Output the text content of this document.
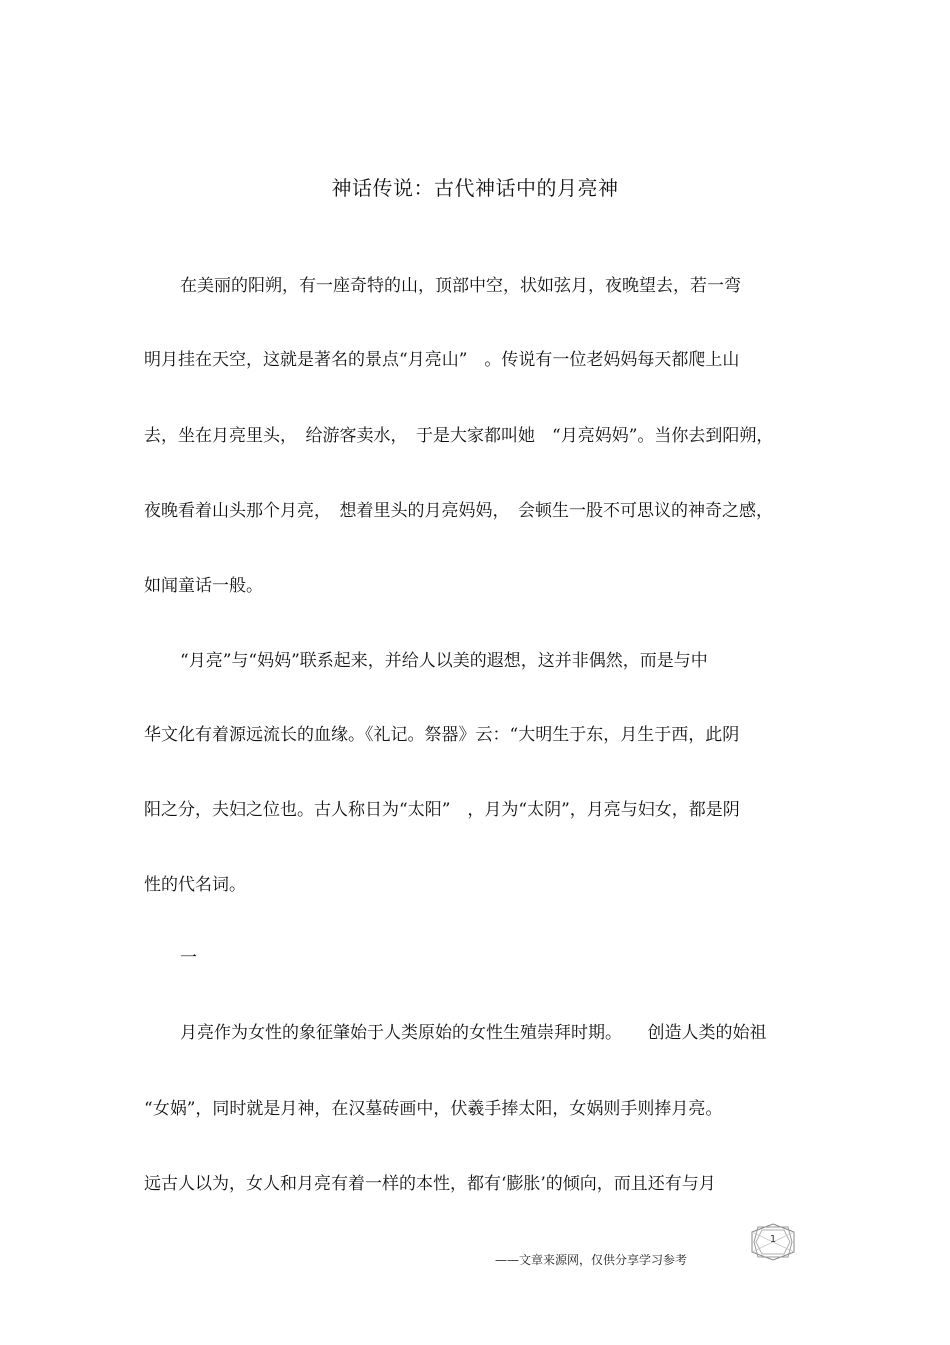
神话传说：古代神话中的月亮神
在美丽的阳朔，有一座奇特的山，顶部中空，状如弦月，夜晚望去，若一弯
明月挂在天空，这就是著名的景点“月亮山”　。传说有一位老妈妈每天都爬上山
去，坐在月亮里头，　给游客卖水，　于是大家都叫她　“月亮妈妈”。当你去到阳朔，
夜晚看着山头那个月亮，　想着里头的月亮妈妈，　会顿生一股不可思议的神奇之感，
如闻童话一般。
“月亮”与“妈妈”联系起来，并给人以美的遐想，这并非偶然，而是与中
华文化有着源远流长的血缘。《礼记。祭器》云：“大明生于东，月生于西，此阴
阳之分，夫妇之位也。古人称日为“太阳”　，月为“太阴”，月亮与妇女，都是阴
性的代名词。
一
月亮作为女性的象征肇始于人类原始的女性生殖崇拜时期。　　创造人类的始祖
“女娲”，同时就是月神，在汉墓砖画中，伏羲手捧太阳，女娲则手则捧月亮。
远古人以为，女人和月亮有着一样的本性，都有‘膨胀’的倾向，而且还有与月
1
——文章来源网，仅供分享学习参考
